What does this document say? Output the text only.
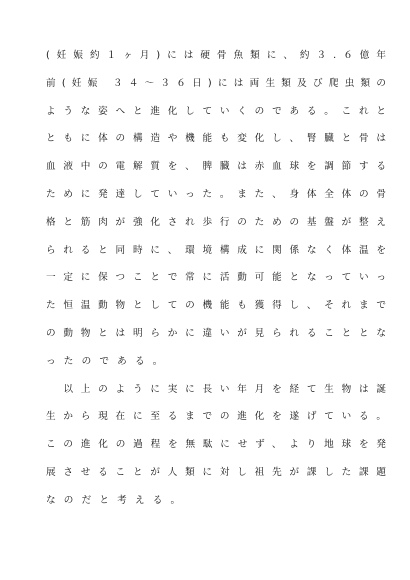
(妊娠約１ヶ月)には硬骨魚類に、約３.６億年
前(妊娠 ３４～３６日)には両生類及び爬虫類の
ような姿へと進化していくのである。これと
ともに体の構造や機能も変化し、腎臓と骨は
血液中の電解質を、脾臓は赤血球を調節する
ために発達していった。また、身体全体の骨
格と筋肉が強化され歩行のための基盤が整え
られると同時に、環境構成に関係なく体温を
一定に保つことで常に活動可能となっていっ
た恒温動物としての機能も獲得し、それまで
の動物とは明らかに違いが見られることとな
ったのである。
　以上のように実に長い年月を経て生物は誕
生から現在に至るまでの進化を遂げている。
この進化の過程を無駄にせず、より地球を発
展させることが人類に対し祖先が課した課題
なのだと考える。
